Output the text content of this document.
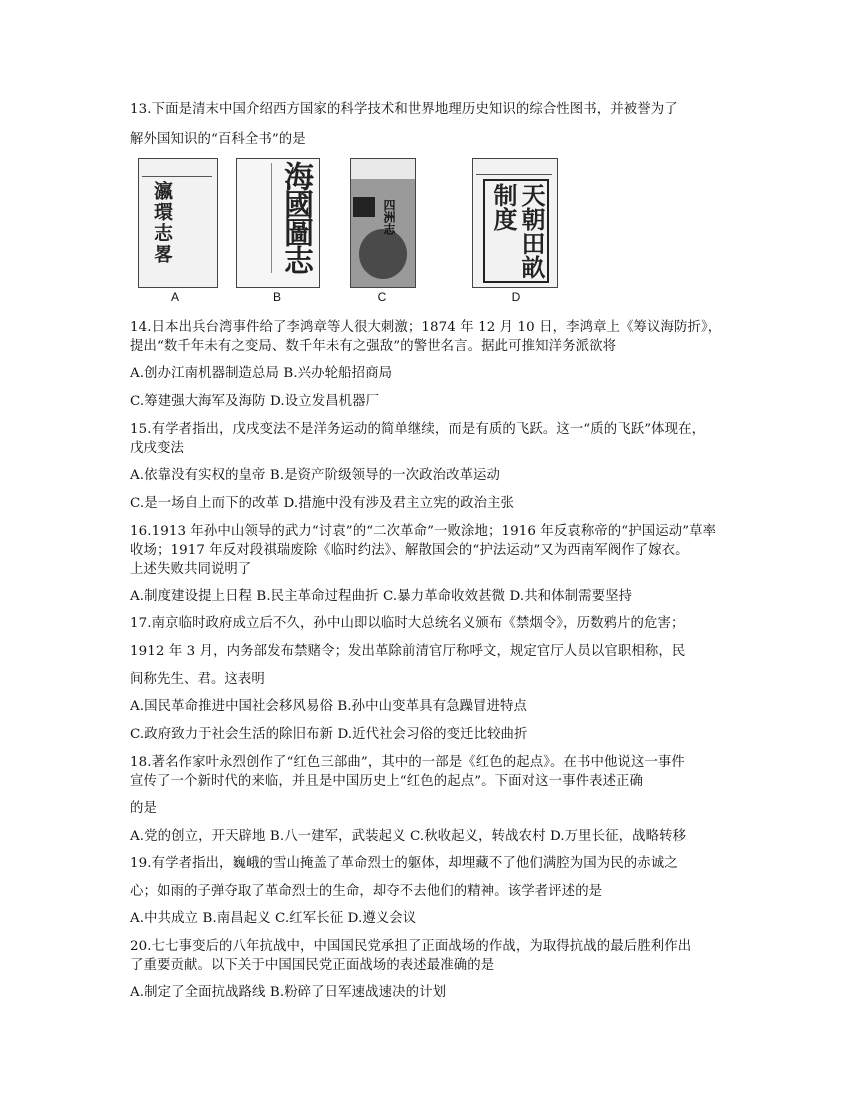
13.下面是清末中国介绍西方国家的科学技术和世界地理历史知识的综合性图书，并被誉为了
解外国知识的“百科全书”的是
瀛環志畧
A
海國圖志
B
四洲志
C
天朝田畝制度
D
14.日本出兵台湾事件给了李鸿章等人很大刺激；1874 年 12 月 10 日，李鸿章上《筹议海防折》，
提出“数千年未有之变局、数千年未有之强敌”的警世名言。据此可推知洋务派欲将
A.创办江南机器制造总局 B.兴办轮船招商局
C.筹建强大海军及海防 D.设立发昌机器厂
15.有学者指出，戊戌变法不是洋务运动的简单继续，而是有质的飞跃。这一“质的飞跃”体现在，
戊戌变法
A.依靠没有实权的皇帝 B.是资产阶级领导的一次政治改革运动
C.是一场自上而下的改革 D.措施中没有涉及君主立宪的政治主张
16.1913 年孙中山领导的武力“讨袁”的“二次革命”一败涂地；1916 年反袁称帝的“护国运动”草率
收场；1917 年反对段祺瑞废除《临时约法》、解散国会的“护法运动”又为西南军阀作了嫁衣。
上述失败共同说明了
A.制度建设提上日程 B.民主革命过程曲折 C.暴力革命收效甚微 D.共和体制需要坚持
17.南京临时政府成立后不久，孙中山即以临时大总统名义颁布《禁烟令》，历数鸦片的危害；
1912 年 3 月，内务部发布禁赌令；发出革除前清官厅称呼文，规定官厅人员以官职相称，民
间称先生、君。这表明
A.国民革命推进中国社会移风易俗 B.孙中山变革具有急躁冒进特点
C.政府致力于社会生活的除旧布新 D.近代社会习俗的变迁比较曲折
18.著名作家叶永烈创作了“红色三部曲”，其中的一部是《红色的起点》。在书中他说这一事件
宣传了一个新时代的来临，并且是中国历史上“红色的起点”。下面对这一事件表述正确
的是
A.党的创立，开天辟地 B.八一建军，武装起义 C.秋收起义，转战农村 D.万里长征，战略转移
19.有学者指出，巍峨的雪山掩盖了革命烈士的躯体，却埋藏不了他们满腔为国为民的赤诚之
心；如雨的子弹夺取了革命烈士的生命，却夺不去他们的精神。该学者评述的是
A.中共成立 B.南昌起义 C.红军长征 D.遵义会议
20.七七事变后的八年抗战中，中国国民党承担了正面战场的作战，为取得抗战的最后胜利作出
了重要贡献。以下关于中国国民党正面战场的表述最准确的是
A.制定了全面抗战路线 B.粉碎了日军速战速决的计划
